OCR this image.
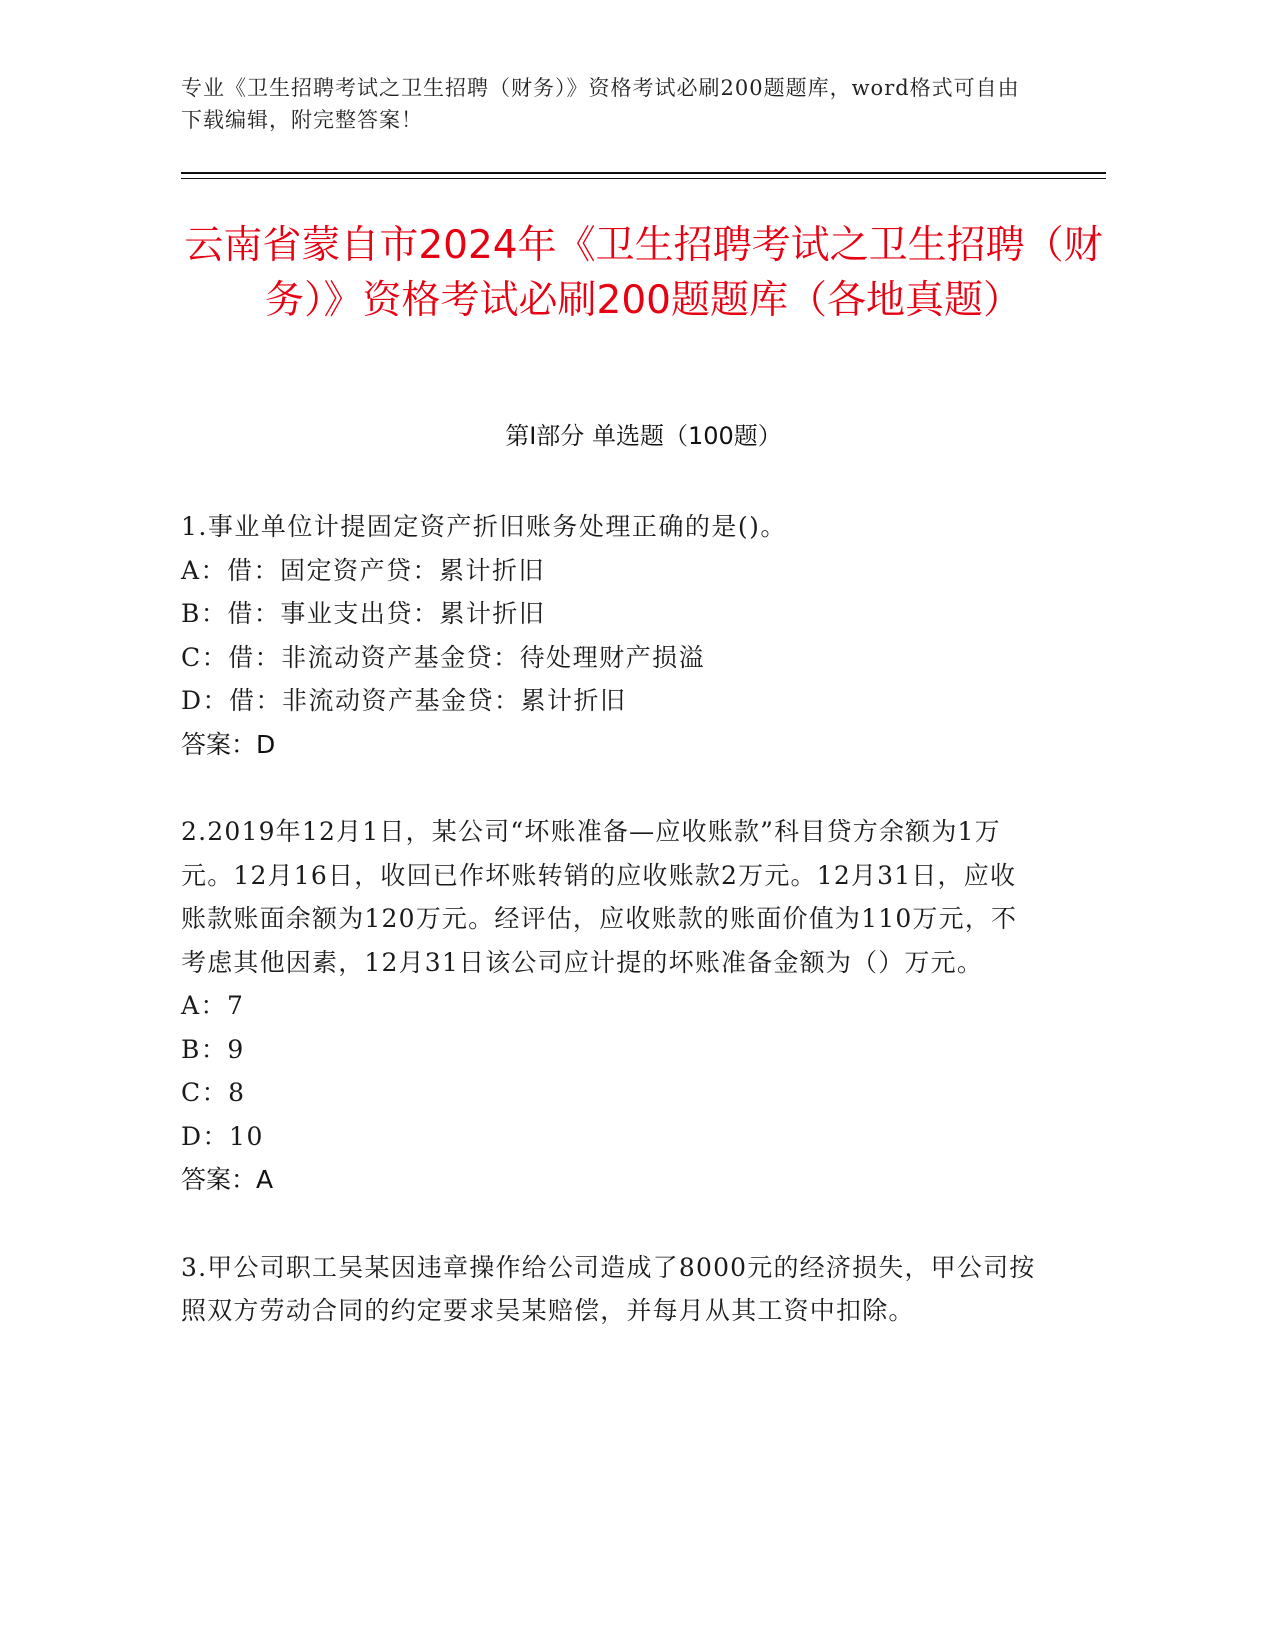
专业《卫生招聘考试之卫生招聘（财务）》资格考试必刷200题题库，word格式可自由下载编辑，附完整答案！
云南省蒙自市2024年《卫生招聘考试之卫生招聘（财务）》资格考试必刷200题题库（各地真题）
第Ⅰ部分 单选题（100题）
1.事业单位计提固定资产折旧账务处理正确的是()。
A：借：固定资产贷：累计折旧
B：借：事业支出贷：累计折旧
C：借：非流动资产基金贷：待处理财产损溢
D：借：非流动资产基金贷：累计折旧
答案：D
2.2019年12月1日，某公司“坏账准备—应收账款”科目贷方余额为1万元。12月16日，收回已作坏账转销的应收账款2万元。12月31日，应收账款账面余额为120万元。经评估，应收账款的账面价值为110万元，不考虑其他因素，12月31日该公司应计提的坏账准备金额为（）万元。
A：7
B：9
C：8
D：10
答案：A
3.甲公司职工吴某因违章操作给公司造成了8000元的经济损失，甲公司按照双方劳动合同的约定要求吴某赔偿，并每月从其工资中扣除。
